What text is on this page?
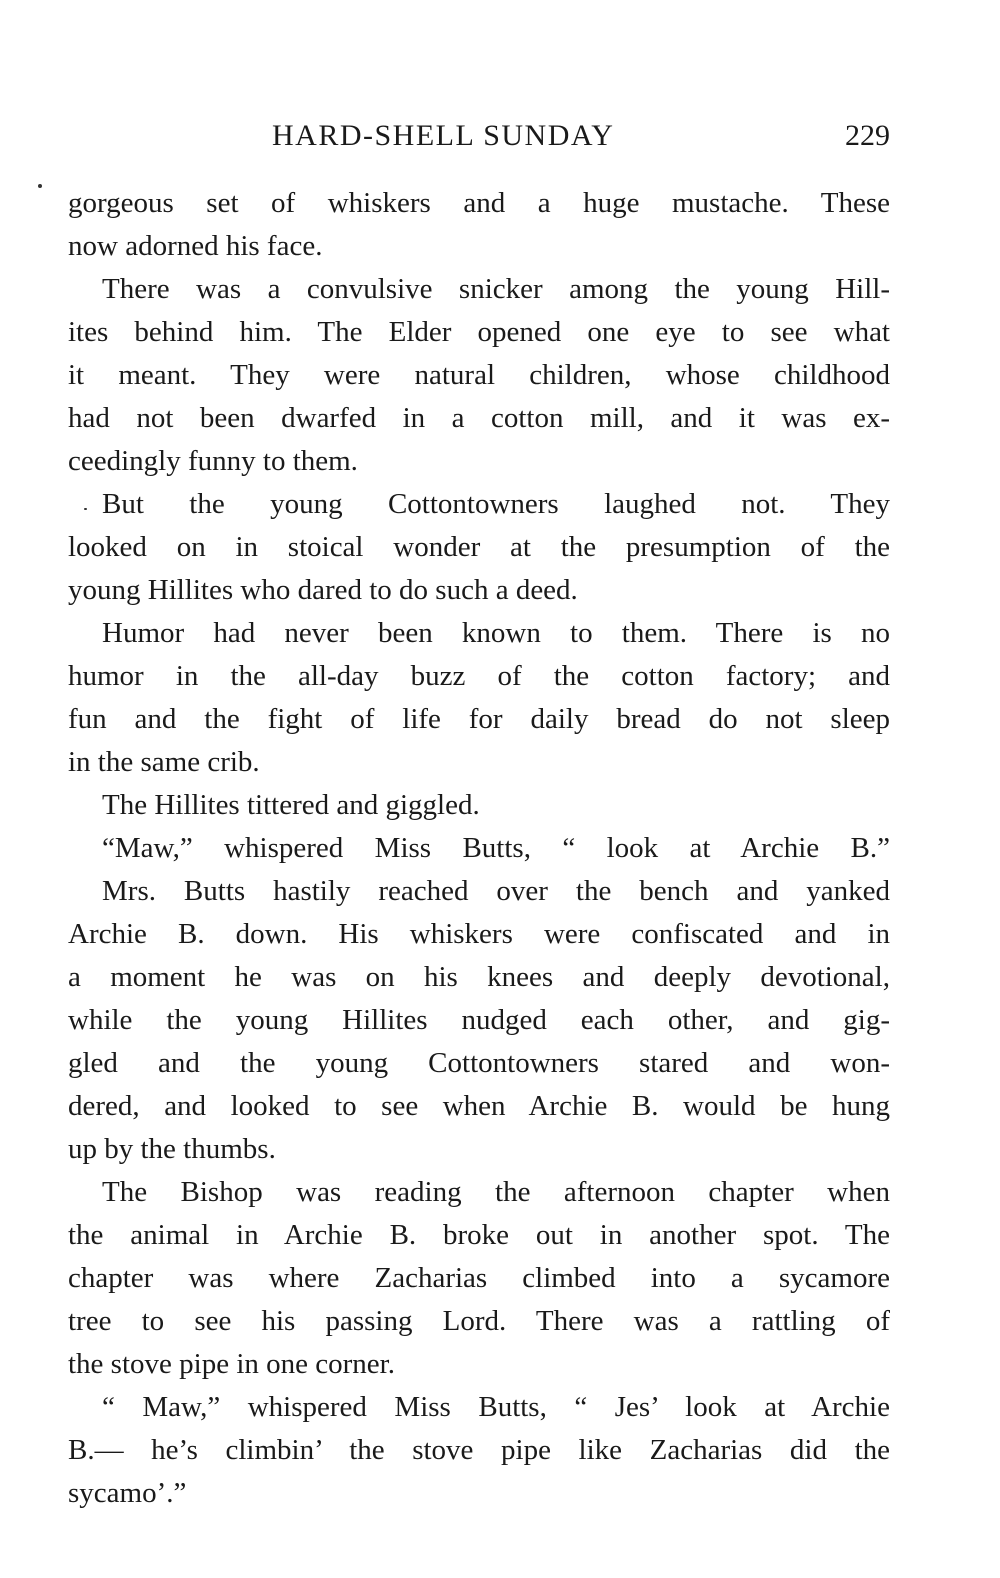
HARD-SHELL SUNDAY	229
gorgeous set of whiskers and a huge mustache. These
now adorned his face.
There was a convulsive snicker among the young Hill-
ites behind him. The Elder opened one eye to see what
it meant. They were natural children, whose childhood
had not been dwarfed in a cotton mill, and it was ex-
ceedingly funny to them.
But the young Cottontowners laughed not. They
looked on in stoical wonder at the presumption of the
young Hillites who dared to do such a deed.
Humor had never been known to them. There is no
humor in the all-day buzz of the cotton factory; and
fun and the fight of life for daily bread do not sleep
in the same crib.
The Hillites tittered and giggled.
“Maw,” whispered Miss Butts, “ look at Archie B.”
Mrs. Butts hastily reached over the bench and yanked
Archie B. down. His whiskers were confiscated and in
a moment he was on his knees and deeply devotional,
while the young Hillites nudged each other, and gig-
gled and the young Cottontowners stared and won-
dered, and looked to see when Archie B. would be hung
up by the thumbs.
The Bishop was reading the afternoon chapter when
the animal in Archie B. broke out in another spot. The
chapter was where Zacharias climbed into a sycamore
tree to see his passing Lord. There was a rattling of
the stove pipe in one corner.
“ Maw,” whispered Miss Butts, “ Jes’ look at Archie
B.— he’s climbin’ the stove pipe like Zacharias did the
sycamo’.”
